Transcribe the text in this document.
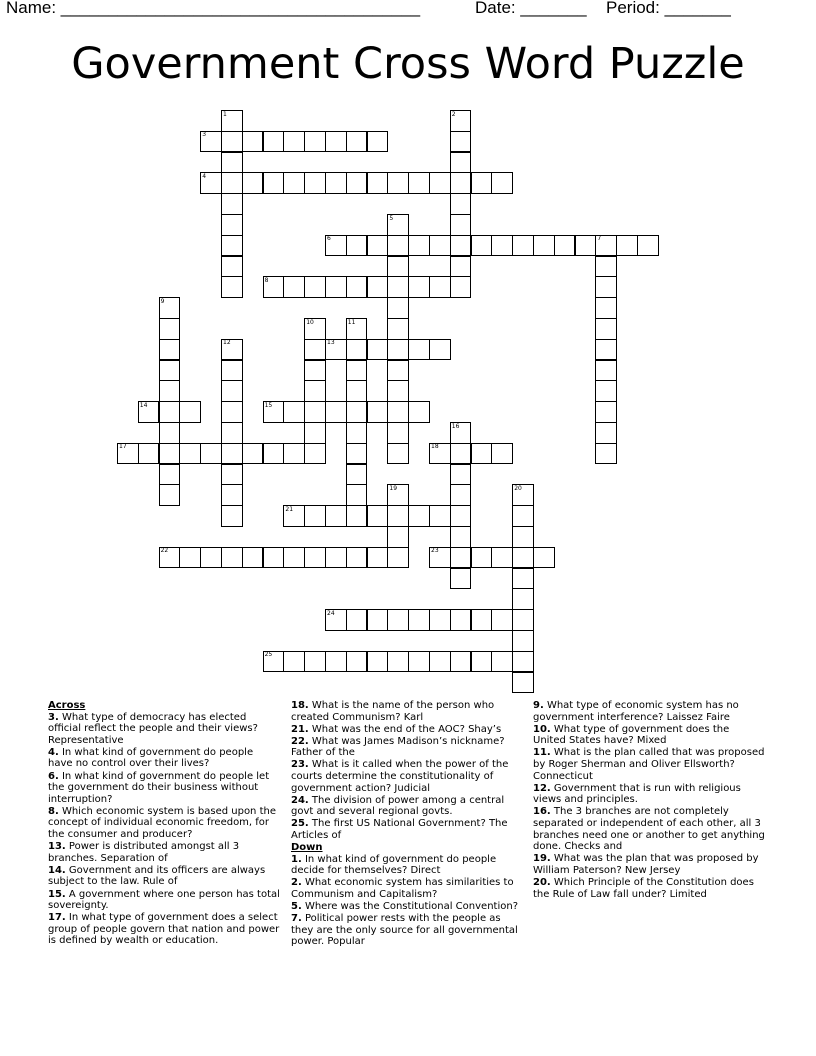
Name: ______________________________________	Date: _______ Period: _______
Government Cross Word Puzzle
1	2
3
4
5
6	7
8
9
10	11
12	13
14	15
16
17	18
19	20
21
22	23
24
25
Across
3. What type of democracy has elected official reflect the people and their views? Representative
4. In what kind of government do people have no control over their lives?
6. In what kind of government do people let the government do their business without interruption?
8. Which economic system is based upon the concept of individual economic freedom, for the consumer and producer?
13. Power is distributed amongst all 3 branches. Separation of
14. Government and its officers are always subject to the law. Rule of
15. A government where one person has total sovereignty.
17. In what type of government does a select group of people govern that nation and power is defined by wealth or education.
18. What is the name of the person who created Communism? Karl
21. What was the end of the AOC? Shay’s
22. What was James Madison’s nickname? Father of the
23. What is it called when the power of the courts determine the constitutionality of government action? Judicial
24. The division of power among a central govt and several regional govts.
25. The first US National Government? The Articles of
Down
1. In what kind of government do people decide for themselves? Direct
2. What economic system has similarities to Communism and Capitalism?
5. Where was the Constitutional Convention?
7. Political power rests with the people as they are the only source for all governmental power. Popular
9. What type of economic system has no government interference? Laissez Faire
10. What type of government does the United States have? Mixed
11. What is the plan called that was proposed by Roger Sherman and Oliver Ellsworth? Connecticut
12. Government that is run with religious views and principles.
16. The 3 branches are not completely separated or independent of each other, all 3 branches need one or another to get anything done. Checks and
19. What was the plan that was proposed by William Paterson? New Jersey
20. Which Principle of the Constitution does the Rule of Law fall under? Limited
